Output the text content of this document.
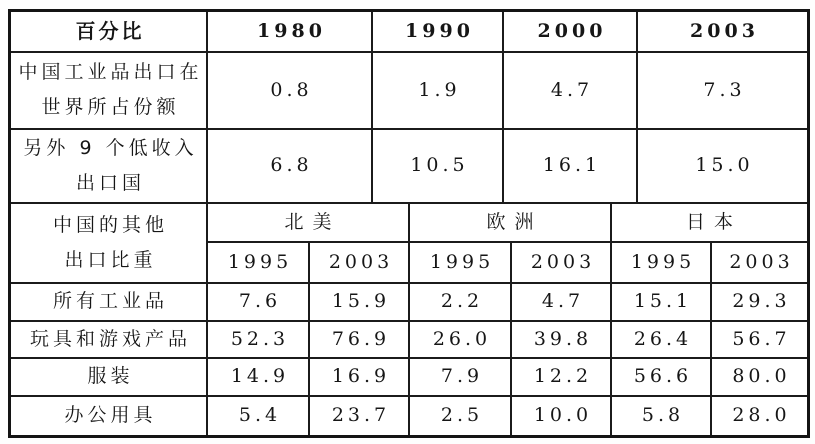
百分比	1980	1990	2000	2003
中国工业品出口在
世界所占份额
0.8	1.9	4.7	7.3
另外 9 个低收入
出口国
6.8	10.5	16.1	15.0
中国的其他
出口比重
北美	欧洲	日本
1995	2003	1995	2003	1995	2003
所有工业品	7.6	15.9	2.2	4.7	15.1	29.3
玩具和游戏产品	52.3	76.9	26.0	39.8	26.4	56.7
服装	14.9	16.9	7.9	12.2	56.6	80.0
办公用具	5.4	23.7	2.5	10.0	5.8	28.0
